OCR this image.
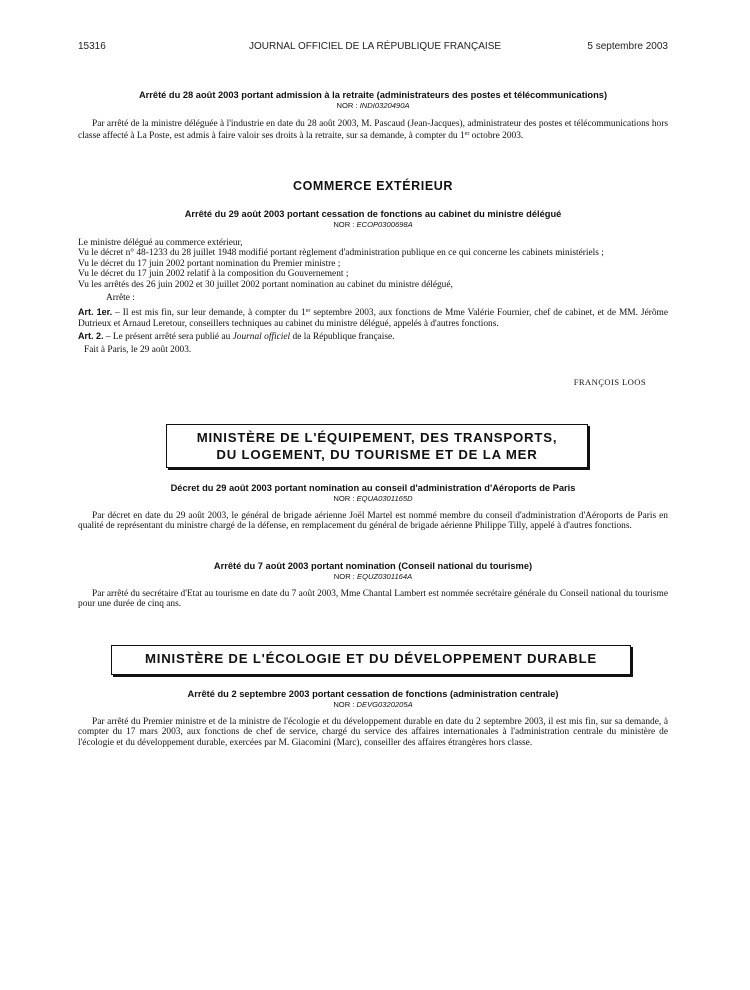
15316	JOURNAL OFFICIEL DE LA RÉPUBLIQUE FRANÇAISE	5 septembre 2003
Arrêté du 28 août 2003 portant admission à la retraite (administrateurs des postes et télécommunications)
NOR : INDI0320490A

Par arrêté de la ministre déléguée à l'industrie en date du 28 août 2003, M. Pascaud (Jean-Jacques), administrateur des postes et télécommunications hors classe affecté à La Poste, est admis à faire valoir ses droits à la retraite, sur sa demande, à compter du 1er octobre 2003.

COMMERCE EXTÉRIEUR
Arrêté du 29 août 2003 portant cessation de fonctions au cabinet du ministre délégué
NOR : ECOP0300698A

Le ministre délégué au commerce extérieur,

Vu le décret n° 48-1233 du 28 juillet 1948 modifié portant règlement d'administration publique en ce qui concerne les cabinets ministériels ;

Vu le décret du 17 juin 2002 portant nomination du Premier ministre ;

Vu le décret du 17 juin 2002 relatif à la composition du Gouvernement ;

Vu les arrêtés des 26 juin 2002 et 30 juillet 2002 portant nomination au cabinet du ministre délégué,

Arrête :

Art. 1er. – Il est mis fin, sur leur demande, à compter du 1er septembre 2003, aux fonctions de Mme Valérie Fournier, chef de cabinet, et de MM. Jérôme Dutrieux et Arnaud Leretour, conseillers techniques au cabinet du ministre délégué, appelés à d'autres fonctions.

Art. 2. – Le présent arrêté sera publié au Journal officiel de la République française.

Fait à Paris, le 29 août 2003.

FRANÇOIS LOOS
MINISTÈRE DE L'ÉQUIPEMENT, DES TRANSPORTS,
DU LOGEMENT, DU TOURISME ET DE LA MER
Décret du 29 août 2003 portant nomination au conseil d'administration d'Aéroports de Paris
NOR : EQUA0301165D

Par décret en date du 29 août 2003, le général de brigade aérienne Joël Martel est nommé membre du conseil d'administration d'Aéroports de Paris en qualité de représentant du ministre chargé de la défense, en remplacement du général de brigade aérienne Philippe Tilly, appelé à d'autres fonctions.

Arrêté du 7 août 2003 portant nomination (Conseil national du tourisme)
NOR : EQUZ0301164A

Par arrêté du secrétaire d'Etat au tourisme en date du 7 août 2003, Mme Chantal Lambert est nommée secrétaire générale du Conseil national du tourisme pour une durée de cinq ans.

MINISTÈRE DE L'ÉCOLOGIE ET DU DÉVELOPPEMENT DURABLE
Arrêté du 2 septembre 2003 portant cessation de fonctions (administration centrale)
NOR : DEVG0320205A

Par arrêté du Premier ministre et de la ministre de l'écologie et du développement durable en date du 2 septembre 2003, il est mis fin, sur sa demande, à compter du 17 mars 2003, aux fonctions de chef de service, chargé du service des affaires internationales à l'administration centrale du ministère de l'écologie et du développement durable, exercées par M. Giacomini (Marc), conseiller des affaires étrangères hors classe.
